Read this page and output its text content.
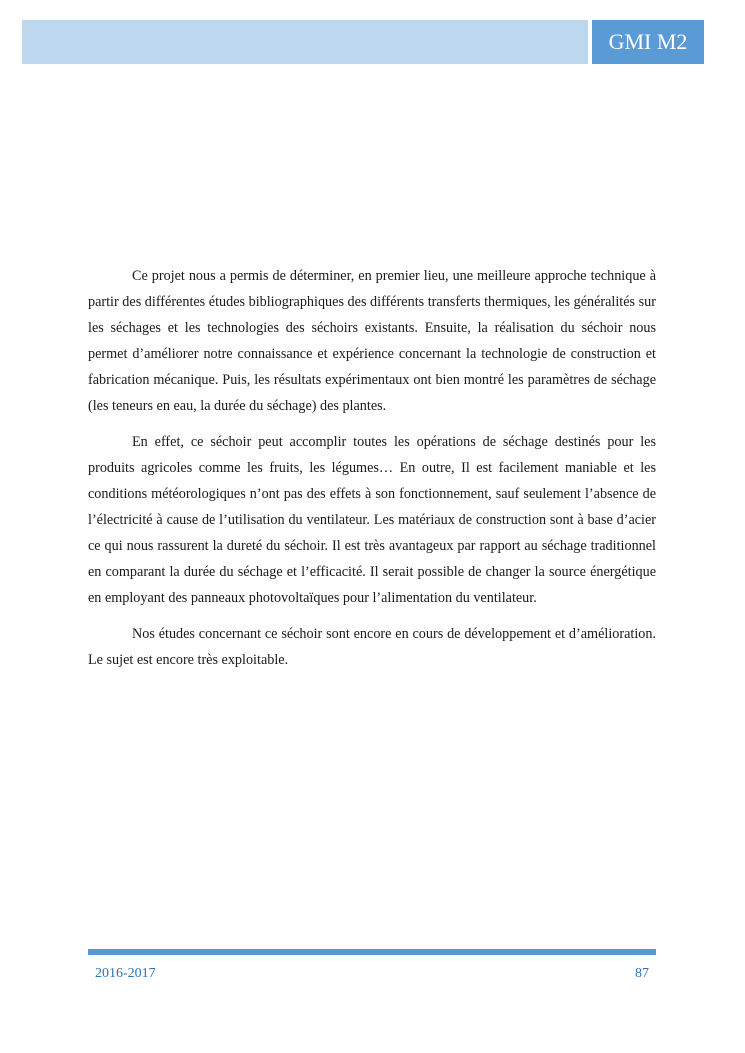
GMI M2

Ce projet nous a permis de déterminer, en premier lieu, une meilleure approche technique à partir des différentes études bibliographiques des différents transferts thermiques, les généralités sur les séchages et les technologies des séchoirs existants. Ensuite, la réalisation du séchoir nous permet d’améliorer notre connaissance et expérience concernant la technologie de construction et fabrication mécanique. Puis, les résultats expérimentaux ont bien montré les paramètres de séchage (les teneurs en eau, la durée du séchage) des plantes.

En effet, ce séchoir peut accomplir toutes les opérations de séchage destinés pour les produits agricoles comme les fruits, les légumes… En outre, Il est facilement maniable et les conditions météorologiques n’ont pas des effets à son fonctionnement, sauf seulement l’absence de l’électricité à cause de l’utilisation du ventilateur. Les matériaux de construction sont à base d’acier ce qui nous rassurent la dureté du séchoir. Il est très avantageux par rapport au séchage traditionnel en comparant la durée du séchage et l’efficacité. Il serait possible de changer la source énergétique en employant des panneaux photovoltaïques pour l’alimentation du ventilateur.

Nos études concernant ce séchoir sont encore en cours de développement et d’amélioration. Le sujet est encore très exploitable.

2016-2017	87
